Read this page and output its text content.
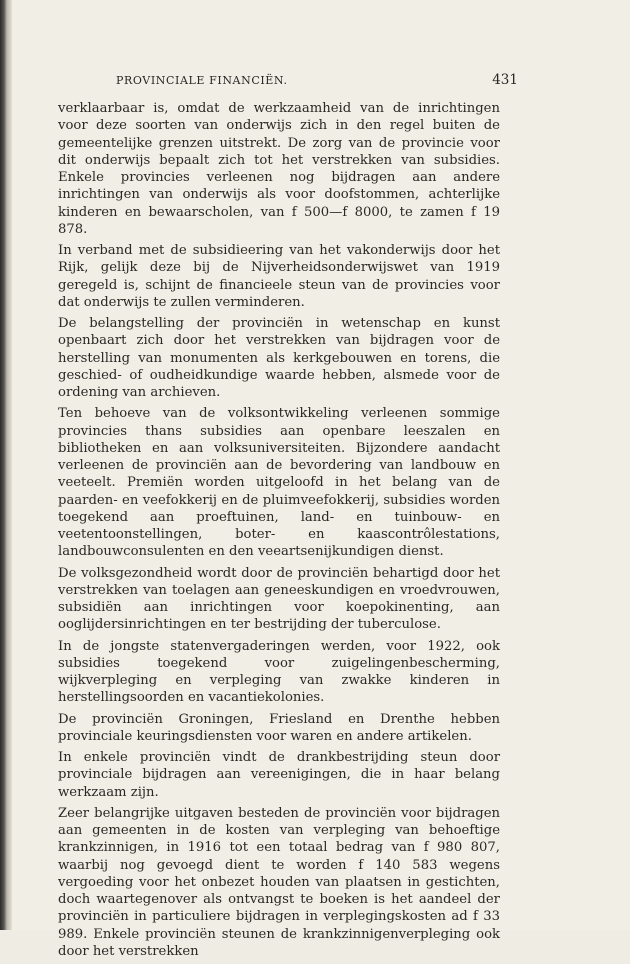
PROVINCIALE FINANCIËN.	431

verklaarbaar is, omdat de werkzaamheid van de inrichtingen voor deze soorten van onderwijs zich in den regel buiten de gemeentelijke grenzen uitstrekt. De zorg van de provincie voor dit onderwijs bepaalt zich tot het verstrekken van subsidies. Enkele provincies verleenen nog bijdragen aan andere inrichtingen van onderwijs als voor doofstommen, achterlijke kinderen en bewaarscholen, van f 500—f 8000, te zamen f 19 878.

In verband met de subsidieering van het vakonderwijs door het Rijk, gelijk deze bij de Nijverheidsonderwijswet van 1919 geregeld is, schijnt de financieele steun van de provincies voor dat onderwijs te zullen verminderen.

De belangstelling der provinciën in wetenschap en kunst openbaart zich door het verstrekken van bijdragen voor de herstelling van monumenten als kerkgebouwen en torens, die geschied- of oudheidkundige waarde hebben, alsmede voor de ordening van archieven.

Ten behoeve van de volksontwikkeling verleenen sommige provincies thans subsidies aan openbare leeszalen en bibliotheken en aan volksuniversiteiten. Bijzondere aandacht verleenen de provinciën aan de bevordering van landbouw en veeteelt. Premiën worden uitgeloofd in het belang van de paarden- en veefokkerij en de pluimveefokkerij, subsidies worden toegekend aan proeftuinen, land- en tuinbouw- en veetentoonstellingen, boter- en kaascontrôlestations, landbouwconsulenten en den veeartsenijkundigen dienst.

De volksgezondheid wordt door de provinciën behartigd door het verstrekken van toelagen aan geneeskundigen en vroedvrouwen, subsidiën aan inrichtingen voor koepokinenting, aan ooglijdersinrichtingen en ter bestrijding der tuberculose.

In de jongste statenvergaderingen werden, voor 1922, ook subsidies toegekend voor zuigelingenbescherming, wijkverpleging en verpleging van zwakke kinderen in herstellingsoorden en vacantiekolonies.

De provinciën Groningen, Friesland en Drenthe hebben provinciale keuringsdiensten voor waren en andere artikelen.

In enkele provinciën vindt de drankbestrijding steun door provinciale bijdragen aan vereenigingen, die in haar belang werkzaam zijn.

Zeer belangrijke uitgaven besteden de provinciën voor bijdragen aan gemeenten in de kosten van verpleging van behoeftige krankzinnigen, in 1916 tot een totaal bedrag van f 980 807, waarbij nog gevoegd dient te worden f 140 583 wegens vergoeding voor het onbezet houden van plaatsen in gestichten, doch waartegenover als ontvangst te boeken is het aandeel der provinciën in particuliere bijdragen in verplegingskosten ad f 33 989. Enkele provinciën steunen de krankzinnigenverpleging ook door het verstrekken
